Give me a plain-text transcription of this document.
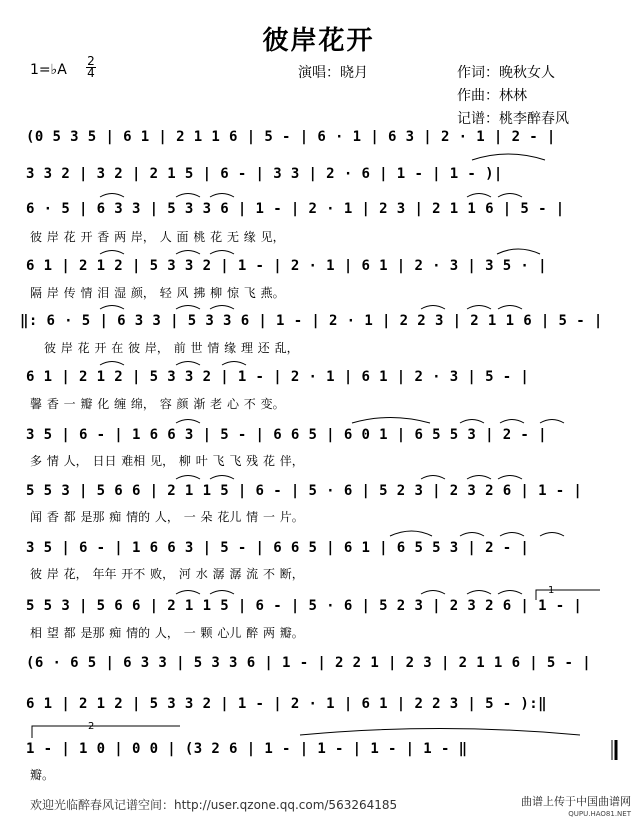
彼岸花开
1=♭A
2
4	演唱：晓月	作词：晚秋女人
作曲：林林
记谱：桃李醉春风
(0 5 3 5 | 6 1 | 2 1 1 6 | 5 - | 6 · 1 | 6 3 | 2 · 1 | 2 - |
3 3 2 | 3 2 | 2 1 5 | 6 - | 3 3 | 2 · 6 | 1 - | 1 - )|
6 · 5 | 6 3 3 | 5 3 3 6 | 1 - | 2 · 1 | 2 3 | 2 1 1 6 | 5 - |
彼 岸 花 开 香 两 岸， 人 面 桃 花 无 缘 见，
6 1 | 2 1 2 | 5 3 3 2 | 1 - | 2 · 1 | 6 1 | 2 · 3 | 3 5 · |
隔 岸 传 情 泪 湿 颜， 轻 风 拂 柳 惊 飞 燕。
‖: 6 · 5 | 6 3 3 | 5 3 3 6 | 1 - | 2 · 1 | 2 2 3 | 2 1 1 6 | 5 - |
彼 岸 花 开 在 彼 岸， 前 世 情 缘 理 还 乱，
6 1 | 2 1 2 | 5 3 3 2 | 1 - | 2 · 1 | 6 1 | 2 · 3 | 5 - |
馨 香 一 瓣 化 缠 绵， 容 颜 渐 老 心 不 变。
3 5 | 6 - | 1 6 6 3 | 5 - | 6 6 5 | 6 0 1 | 6 5 5 3 | 2 - |
多 情 人， 日日 难相 见， 柳 叶 飞 飞 残 花 伴，
5 5 3 | 5 6 6 | 2 1 1 5 | 6 - | 5 · 6 | 5 2 3 | 2 3 2 6 | 1 - |
闻 香 都 是那 痴 情的 人， 一 朵 花儿 情 一 片。
3 5 | 6 - | 1 6 6 3 | 5 - | 6 6 5 | 6 1 | 6 5 5 3 | 2 - |
彼 岸 花， 年年 开不 败， 河 水 潺 潺 流 不 断，
5 5 3 | 5 6 6 | 2 1 1 5 | 6 - | 5 · 6 | 5 2 3 | 2 3 2 6 | 1 - |
相 望 都 是那 痴 情的 人， 一 颗 心儿 醉 两 瓣。
(6 · 6 5 | 6 3 3 | 5 3 3 6 | 1 - | 2 2 1 | 2 3 | 2 1 1 6 | 5 - |
6 1 | 2 1 2 | 5 3 3 2 | 1 - | 2 · 1 | 6 1 | 2 2 3 | 5 - ):‖
1 - | 1 0 | 0 0 | (3 2 6 | 1 - | 1 - | 1 - | 1 - ‖
瓣。
1
2
欢迎光临醉春风记谱空间：http://user.qzone.qq.com/563264185	曲谱上传于中国曲谱网
QUPU.HAO81.NET
